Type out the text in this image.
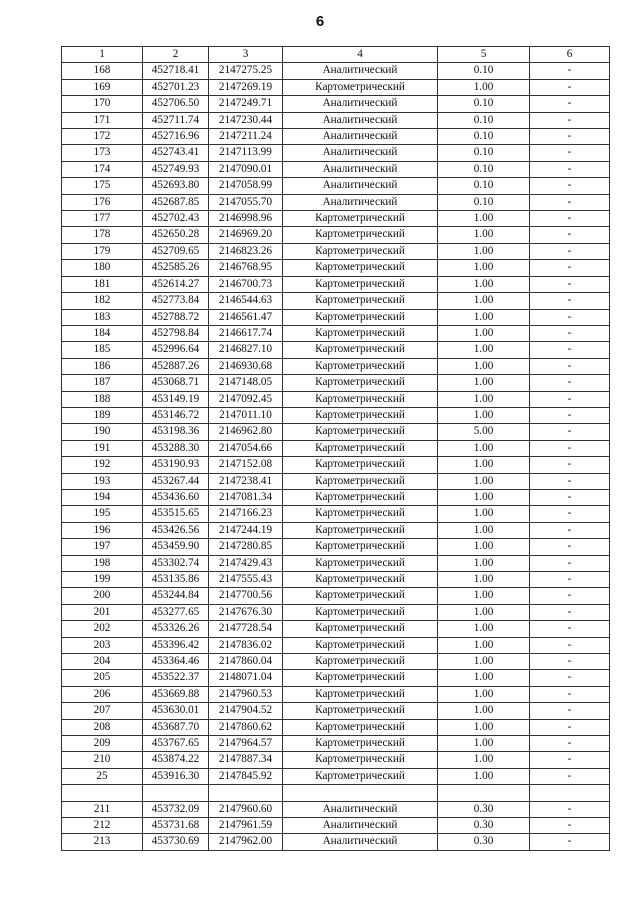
6
1	2	3	4	5	6
168	452718.41	2147275.25	Аналитический	0.10	-
169	452701.23	2147269.19	Картометрический	1.00	-
170	452706.50	2147249.71	Аналитический	0.10	-
171	452711.74	2147230.44	Аналитический	0.10	-
172	452716.96	2147211.24	Аналитический	0.10	-
173	452743.41	2147113.99	Аналитический	0.10	-
174	452749.93	2147090.01	Аналитический	0.10	-
175	452693.80	2147058.99	Аналитический	0.10	-
176	452687.85	2147055.70	Аналитический	0.10	-
177	452702.43	2146998.96	Картометрический	1.00	-
178	452650.28	2146969.20	Картометрический	1.00	-
179	452709.65	2146823.26	Картометрический	1.00	-
180	452585.26	2146768.95	Картометрический	1.00	-
181	452614.27	2146700.73	Картометрический	1.00	-
182	452773.84	2146544.63	Картометрический	1.00	-
183	452788.72	2146561.47	Картометрический	1.00	-
184	452798.84	2146617.74	Картометрический	1.00	-
185	452996.64	2146827.10	Картометрический	1.00	-
186	452887.26	2146930.68	Картометрический	1.00	-
187	453068.71	2147148.05	Картометрический	1.00	-
188	453149.19	2147092.45	Картометрический	1.00	-
189	453146.72	2147011.10	Картометрический	1.00	-
190	453198.36	2146962.80	Картометрический	5.00	-
191	453288.30	2147054.66	Картометрический	1.00	-
192	453190.93	2147152.08	Картометрический	1.00	-
193	453267.44	2147238.41	Картометрический	1.00	-
194	453436.60	2147081.34	Картометрический	1.00	-
195	453515.65	2147166.23	Картометрический	1.00	-
196	453426.56	2147244.19	Картометрический	1.00	-
197	453459.90	2147280.85	Картометрический	1.00	-
198	453302.74	2147429.43	Картометрический	1.00	-
199	453135.86	2147555.43	Картометрический	1.00	-
200	453244.84	2147700.56	Картометрический	1.00	-
201	453277.65	2147676.30	Картометрический	1.00	-
202	453326.26	2147728.54	Картометрический	1.00	-
203	453396.42	2147836.02	Картометрический	1.00	-
204	453364.46	2147860.04	Картометрический	1.00	-
205	453522.37	2148071.04	Картометрический	1.00	-
206	453669.88	2147960.53	Картометрический	1.00	-
207	453630.01	2147904.52	Картометрический	1.00	-
208	453687.70	2147860.62	Картометрический	1.00	-
209	453767.65	2147964.57	Картометрический	1.00	-
210	453874.22	2147887.34	Картометрический	1.00	-
25	453916.30	2147845.92	Картометрический	1.00	-

211	453732.09	2147960.60	Аналитический	0.30	-
212	453731.68	2147961.59	Аналитический	0.30	-
213	453730.69	2147962.00	Аналитический	0.30	-
